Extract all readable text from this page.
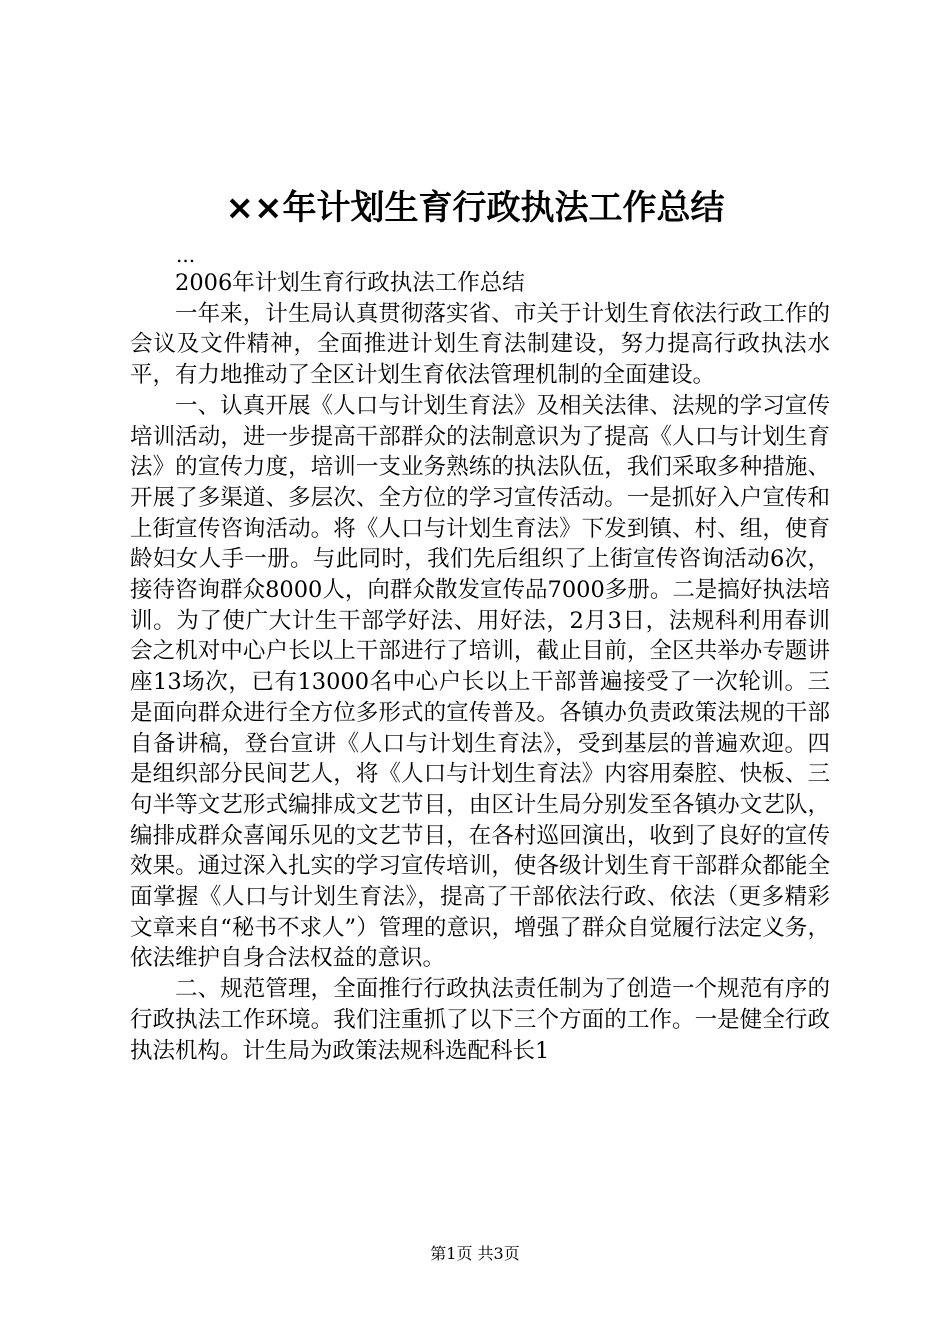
××年计划生育行政执法工作总结
...

2006年计划生育行政执法工作总结

一年来，计生局认真贯彻落实省、市关于计划生育依法行政工作的会议及文件精神，全面推进计划生育法制建设，努力提高行政执法水平，有力地推动了全区计划生育依法管理机制的全面建设。

一、认真开展《人口与计划生育法》及相关法律、法规的学习宣传培训活动，进一步提高干部群众的法制意识为了提高《人口与计划生育法》的宣传力度，培训一支业务熟练的执法队伍，我们采取多种措施、开展了多渠道、多层次、全方位的学习宣传活动。一是抓好入户宣传和上街宣传咨询活动。将《人口与计划生育法》下发到镇、村、组，使育龄妇女人手一册。与此同时，我们先后组织了上街宣传咨询活动6次，接待咨询群众8000人，向群众散发宣传品7000多册。二是搞好执法培训。为了使广大计生干部学好法、用好法，2月3日，法规科利用春训会之机对中心户长以上干部进行了培训，截止目前，全区共举办专题讲座13场次，已有13000名中心户长以上干部普遍接受了一次轮训。三是面向群众进行全方位多形式的宣传普及。各镇办负责政策法规的干部自备讲稿，登台宣讲《人口与计划生育法》，受到基层的普遍欢迎。四是组织部分民间艺人，将《人口与计划生育法》内容用秦腔、快板、三句半等文艺形式编排成文艺节目，由区计生局分别发至各镇办文艺队，编排成群众喜闻乐见的文艺节目，在各村巡回演出，收到了良好的宣传效果。通过深入扎实的学习宣传培训，使各级计划生育干部群众都能全面掌握《人口与计划生育法》，提高了干部依法行政、依法（更多精彩文章来自“秘书不求人”）管理的意识，增强了群众自觉履行法定义务，依法维护自身合法权益的意识。

二、规范管理，全面推行行政执法责任制为了创造一个规范有序的行政执法工作环境。我们注重抓了以下三个方面的工作。一是健全行政执法机构。计生局为政策法规科选配科长1

第1页 共3页
